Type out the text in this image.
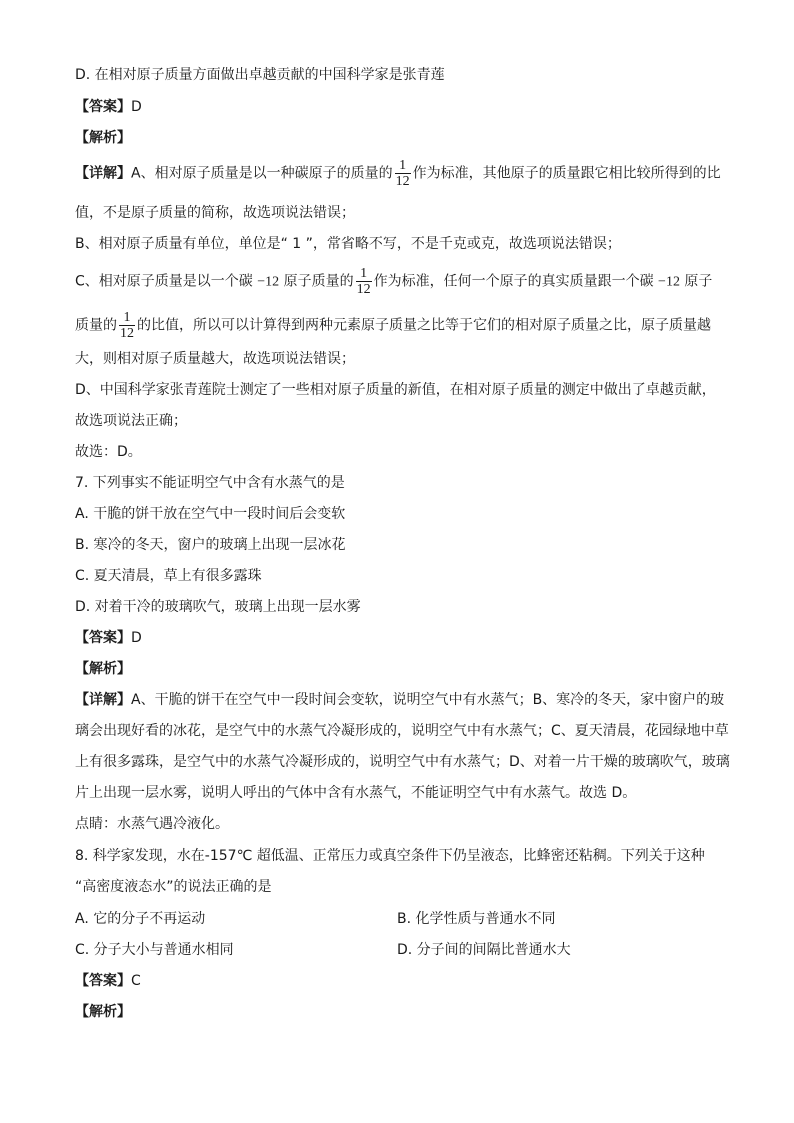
D. 在相对原子质量方面做出卓越贡献的中国科学家是张青莲
【答案】D
【解析】
【详解】A、相对原子质量是以一种碳原子的质量的 $\frac{1}{12}$ 作为标准，其他原子的质量跟它相比较所得到的比
值，不是原子质量的简称，故选项说法错误；
B、相对原子质量有单位，单位是“ 1 ”，常省略不写，不是千克或克，故选项说法错误；
C、相对原子质量是以一个碳 −12 原子质量的 $\frac{1}{12}$ 作为标准，任何一个原子的真实质量跟一个碳 −12 原子
质量的 $\frac{1}{12}$ 的比值，所以可以计算得到两种元素原子质量之比等于它们的相对原子质量之比，原子质量越
大，则相对原子质量越大，故选项说法错误；
D、中国科学家张青莲院士测定了一些相对原子质量的新值，在相对原子质量的测定中做出了卓越贡献，
故选项说法正确；
故选：D。
7. 下列事实不能证明空气中含有水蒸气的是
A. 干脆的饼干放在空气中一段时间后会变软
B. 寒冷的冬天，窗户的玻璃上出现一层冰花
C. 夏天清晨，草上有很多露珠
D. 对着干冷的玻璃吹气，玻璃上出现一层水雾
【答案】D
【解析】
【详解】A、干脆的饼干在空气中一段时间会变软，说明空气中有水蒸气；B、寒冷的冬天，家中窗户的玻
璃会出现好看的冰花，是空气中的水蒸气冷凝形成的，说明空气中有水蒸气；C、夏天清晨，花园绿地中草
上有很多露珠，是空气中的水蒸气冷凝形成的，说明空气中有水蒸气；D、对着一片干燥的玻璃吹气，玻璃
片上出现一层水雾，说明人呼出的气体中含有水蒸气，不能证明空气中有水蒸气。故选 D。
点睛：水蒸气遇冷液化。
8. 科学家发现，水在-157℃ 超低温、正常压力或真空条件下仍呈液态，比蜂密还粘稠。下列关于这种
“高密度液态水”的说法正确的是
A. 它的分子不再运动	B. 化学性质与普通水不同
C. 分子大小与普通水相同	D. 分子间的间隔比普通水大
【答案】C
【解析】
